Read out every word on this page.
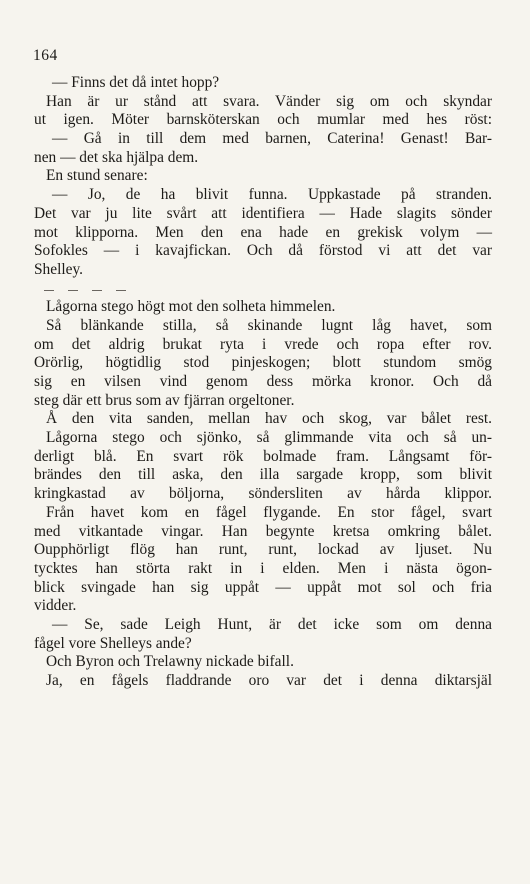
164
— Finns det då intet hopp?
Han är ur stånd att svara. Vänder sig om och skyndar
ut igen. Möter barnsköterskan och mumlar med hes röst:
— Gå in till dem med barnen, Caterina! Genast! Bar-
nen — det ska hjälpa dem.
En stund senare:
— Jo, de ha blivit funna. Uppkastade på stranden.
Det var ju lite svårt att identifiera — Hade slagits sönder
mot klipporna. Men den ena hade en grekisk volym —
Sofokles — i kavajfickan. Och då förstod vi att det var
Shelley.
Lågorna stego högt mot den solheta himmelen.
Så blänkande stilla, så skinande lugnt låg havet, som
om det aldrig brukat ryta i vrede och ropa efter rov.
Orörlig, högtidlig stod pinjeskogen; blott stundom smög
sig en vilsen vind genom dess mörka kronor. Och då
steg där ett brus som av fjärran orgeltoner.
Å den vita sanden, mellan hav och skog, var bålet rest.
Lågorna stego och sjönko, så glimmande vita och så un-
derligt blå. En svart rök bolmade fram. Långsamt för-
brändes den till aska, den illa sargade kropp, som blivit
kringkastad av böljorna, söndersliten av hårda klippor.
Från havet kom en fågel flygande. En stor fågel, svart
med vitkantade vingar. Han begynte kretsa omkring bålet.
Oupphörligt flög han runt, runt, lockad av ljuset. Nu
tycktes han störta rakt in i elden. Men i nästa ögon-
blick svingade han sig uppåt — uppåt mot sol och fria
vidder.
— Se, sade Leigh Hunt, är det icke som om denna
fågel vore Shelleys ande?
Och Byron och Trelawny nickade bifall.
Ja, en fågels fladdrande oro var det i denna diktarsjäl
